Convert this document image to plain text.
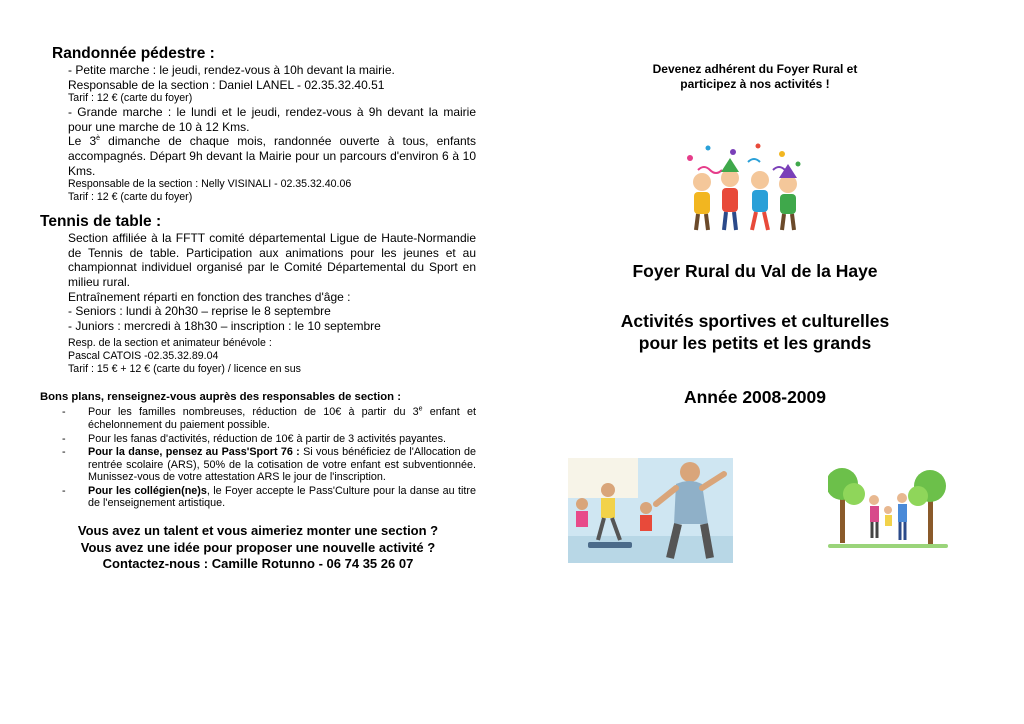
Randonnée pédestre :
- Petite marche : le jeudi, rendez-vous à 10h devant la mairie.
Responsable de la section : Daniel LANEL - 02.35.32.40.51
Tarif : 12 € (carte du foyer)
- Grande marche : le lundi et le jeudi, rendez-vous à 9h devant la mairie pour une marche de 10 à 12 Kms.
Le $3^è$ dimanche de chaque mois, randonnée ouverte à tous, enfants accompagnés. Départ 9h devant la Mairie pour un parcours d'environ 6 à 10 Kms.
Responsable de la section : Nelly VISINALI - 02.35.32.40.06
Tarif : 12 € (carte du foyer)
Tennis de table :
Section affiliée à la FFTT comité départemental Ligue de Haute-Normandie de Tennis de table. Participation aux animations pour les jeunes et au championnat individuel organisé par le Comité Départemental du Sport en milieu rural.
Entraînement réparti en fonction des tranches d'âge :
- Seniors : lundi à 20h30 – reprise le 8 septembre
- Juniors : mercredi à 18h30 – inscription : le 10 septembre
Resp. de la section et animateur bénévole :
Pascal CATOIS -02.35.32.89.04
Tarif : 15 € + 12 € (carte du foyer) / licence en sus
Bons plans, renseignez-vous auprès des responsables de section :
- Pour les familles nombreuses, réduction de 10€ à partir du 3e enfant et échelonnement du paiement possible.
- Pour les fanas d'activités, réduction de 10€ à partir de 3 activités payantes.
- Pour la danse, pensez au Pass'Sport 76 : Si vous bénéficiez de l'Allocation de rentrée scolaire (ARS), 50% de la cotisation de votre enfant est subventionnée. Munissez-vous de votre attestation ARS le jour de l'inscription.
- Pour les collégien(ne)s, le Foyer accepte le Pass'Culture pour la danse au titre de l'enseignement artistique.
Vous avez un talent et vous aimeriez monter une section ?
Vous avez une idée pour proposer une nouvelle activité ?
Contactez-nous : Camille Rotunno - 06 74 35 26 07
Devenez adhérent du Foyer Rural et
participez à nos activités !
Foyer Rural du Val de la Haye
Activités sportives et culturelles
pour les petits et les grands
Année 2008-2009
